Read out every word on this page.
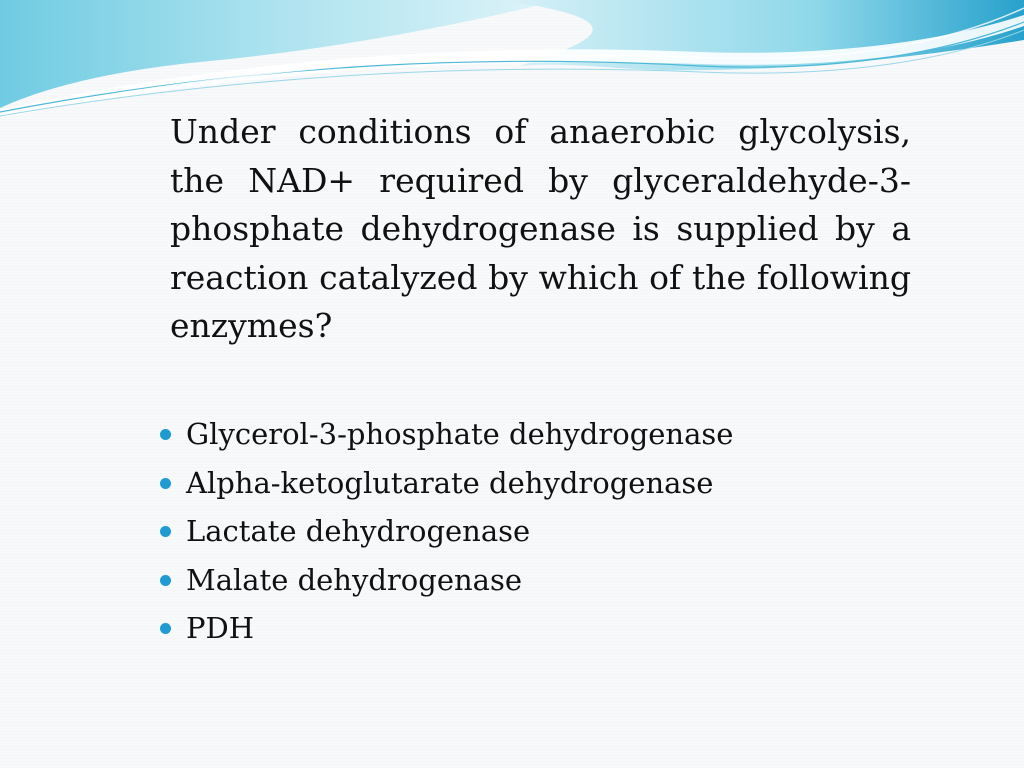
Under conditions of anaerobic glycolysis, the NAD+ required by glyceraldehyde-3-phosphate dehydrogenase is supplied by a reaction catalyzed by which of the following enzymes?

Glycerol-3-phosphate dehydrogenase
Alpha-ketoglutarate dehydrogenase
Lactate dehydrogenase
Malate dehydrogenase
PDH
